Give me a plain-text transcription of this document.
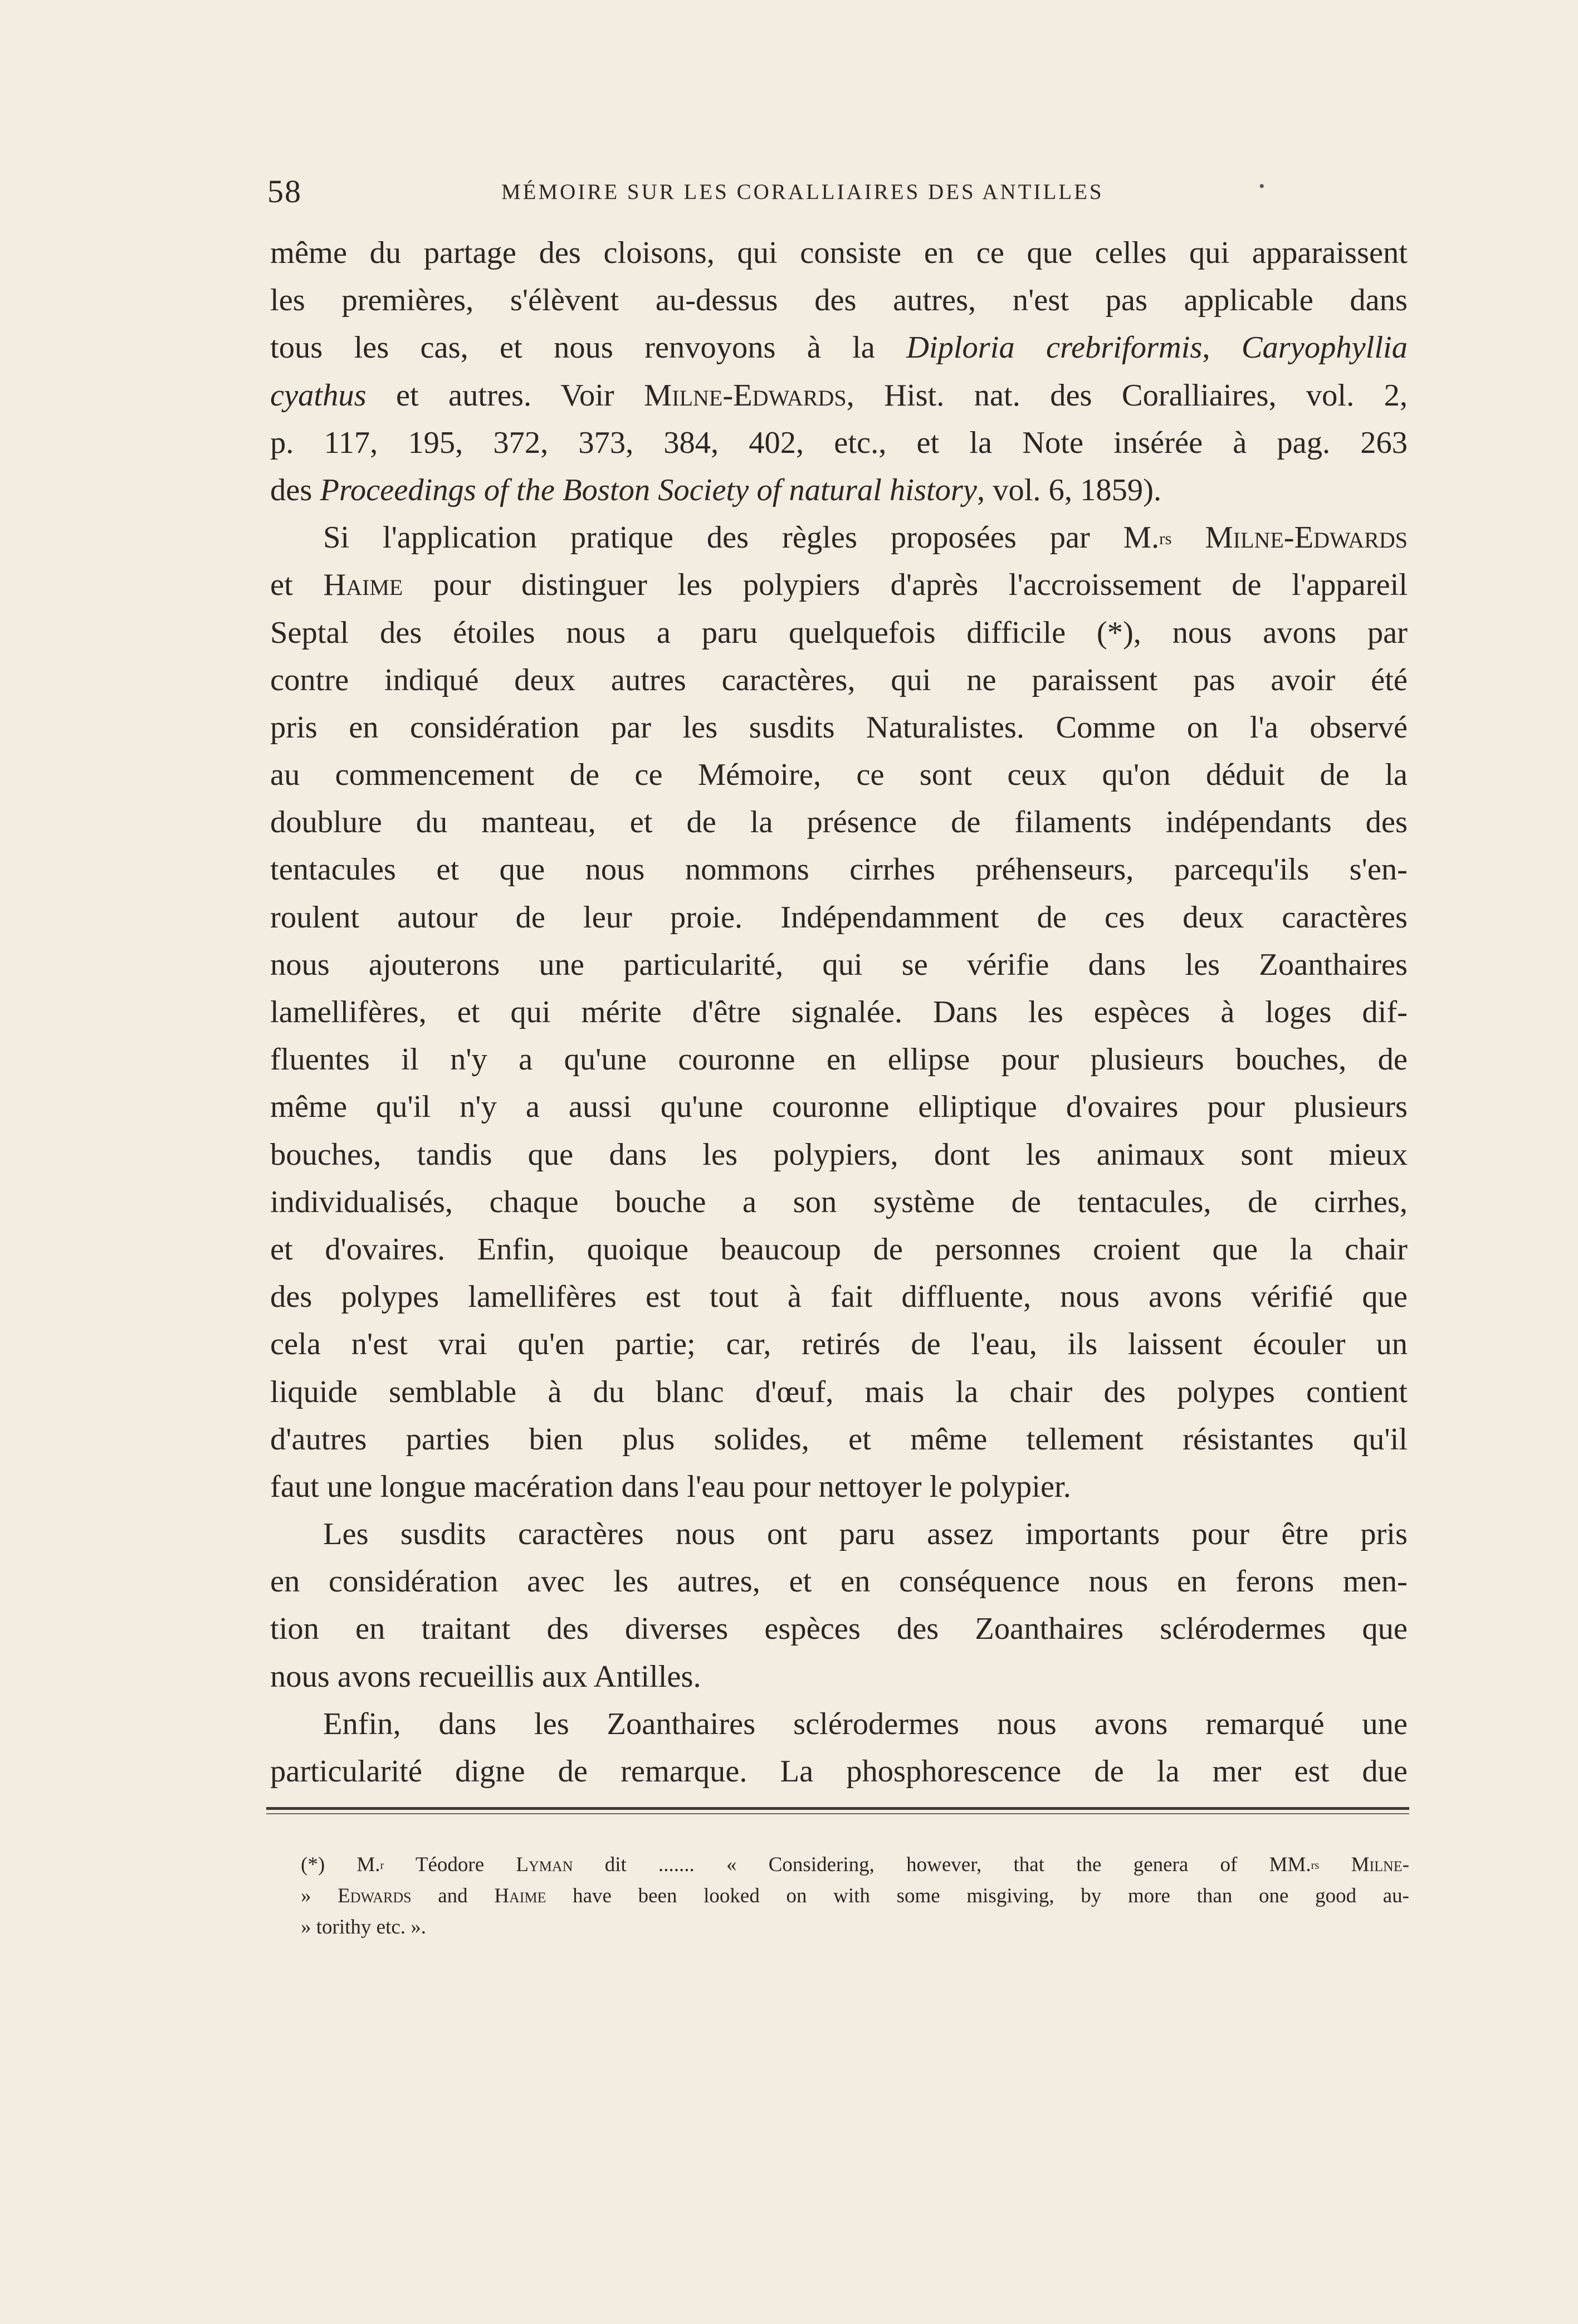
58	MÉMOIRE SUR LES CORALLIAIRES DES ANTILLES	•
même du partage des cloisons, qui consiste en ce que celles qui apparaissent
les premières, s'élèvent au-dessus des autres, n'est pas applicable dans
tous les cas, et nous renvoyons à la Diploria crebriformis, Caryophyllia
cyathus et autres. Voir Milne-Edwards, Hist. nat. des Coralliaires, vol. 2,
p. 117, 195, 372, 373, 384, 402, etc., et la Note insérée à pag. 263
des Proceedings of the Boston Society of natural history, vol. 6, 1859).
Si l'application pratique des règles proposées par M.$^{rs}$ Milne-Edwards
et Haime pour distinguer les polypiers d'après l'accroissement de l'appareil
Septal des étoiles nous a paru quelquefois difficile (*), nous avons par
contre indiqué deux autres caractères, qui ne paraissent pas avoir été
pris en considération par les susdits Naturalistes. Comme on l'a observé
au commencement de ce Mémoire, ce sont ceux qu'on déduit de la
doublure du manteau, et de la présence de filaments indépendants des
tentacules et que nous nommons cirrhes préhenseurs, parcequ'ils s'en-
roulent autour de leur proie. Indépendamment de ces deux caractères
nous ajouterons une particularité, qui se vérifie dans les Zoanthaires
lamellifères, et qui mérite d'être signalée. Dans les espèces à loges dif-
fluentes il n'y a qu'une couronne en ellipse pour plusieurs bouches, de
même qu'il n'y a aussi qu'une couronne elliptique d'ovaires pour plusieurs
bouches, tandis que dans les polypiers, dont les animaux sont mieux
individualisés, chaque bouche a son système de tentacules, de cirrhes,
et d'ovaires. Enfin, quoique beaucoup de personnes croient que la chair
des polypes lamellifères est tout à fait diffluente, nous avons vérifié que
cela n'est vrai qu'en partie; car, retirés de l'eau, ils laissent écouler un
liquide semblable à du blanc d'œuf, mais la chair des polypes contient
d'autres parties bien plus solides, et même tellement résistantes qu'il
faut une longue macération dans l'eau pour nettoyer le polypier.
Les susdits caractères nous ont paru assez importants pour être pris
en considération avec les autres, et en conséquence nous en ferons men-
tion en traitant des diverses espèces des Zoanthaires sclérodermes que
nous avons recueillis aux Antilles.
Enfin, dans les Zoanthaires sclérodermes nous avons remarqué une
particularité digne de remarque. La phosphorescence de la mer est due
(*) M.$^r$ Téodore Lyman dit ....... « Considering, however, that the genera of MM.$^{rs}$ Milne-
» Edwards and Haime have been looked on with some misgiving, by more than one good au-
» torithy etc. ».
